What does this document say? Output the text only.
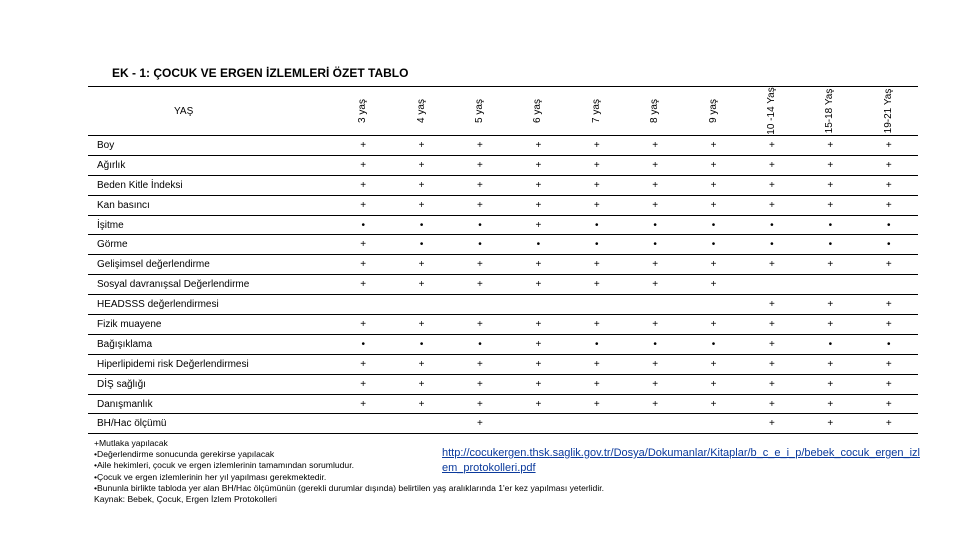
EK - 1: ÇOCUK VE ERGEN İZLEMLERİ ÖZET TABLO
YAŞ	3 yaş	4 yaş	5 yaş	6 yaş	7 yaş	8 yaş	9 yaş	10 -14 Yaş	15-18 Yaş	19-21 Yaş

Boy	+	+	+	+	+	+	+	+	+	+
Ağırlık	+	+	+	+	+	+	+	+	+	+
Beden Kitle İndeksi	+	+	+	+	+	+	+	+	+	+
Kan basıncı	+	+	+	+	+	+	+	+	+	+
İşitme	•	•	•	+	•	•	•	•	•	•
Görme	+	•	•	•	•	•	•	•	•	•
Gelişimsel değerlendirme	+	+	+	+	+	+	+	+	+	+
Sosyal davranışsal Değerlendirme	+	+	+	+	+	+	+			
HEADSSS değerlendirmesi								+	+	+
Fizik muayene	+	+	+	+	+	+	+	+	+	+
Bağışıklama	•	•	•	+	•	•	•	+	•	•
Hiperlipidemi risk Değerlendirmesi	+	+	+	+	+	+	+	+	+	+
DİŞ sağlığı	+	+	+	+	+	+	+	+	+	+
Danışmanlık	+	+	+	+	+	+	+	+	+	+
BH/Hac ölçümü			+					+	+	+
+Mutlaka yapılacak
•Değerlendirme sonucunda gerekirse yapılacak
•Aile hekimleri, çocuk ve ergen izlemlerinin tamamından sorumludur.
•Çocuk ve ergen izlemlerinin her yıl yapılması gerekmektedir.
•Bununla birlikte tabloda yer alan BH/Hac ölçümünün (gerekli durumlar dışında) belirtilen yaş aralıklarında 1'er kez yapılması yeterlidir.
Kaynak: Bebek, Çocuk, Ergen İzlem Protokolleri
http://cocukergen.thsk.saglik.gov.tr/Dosya/Dokumanlar/Kitaplar/b_c_e_i_p/bebek_cocuk_ergen_izlem_protokolleri.pdf
